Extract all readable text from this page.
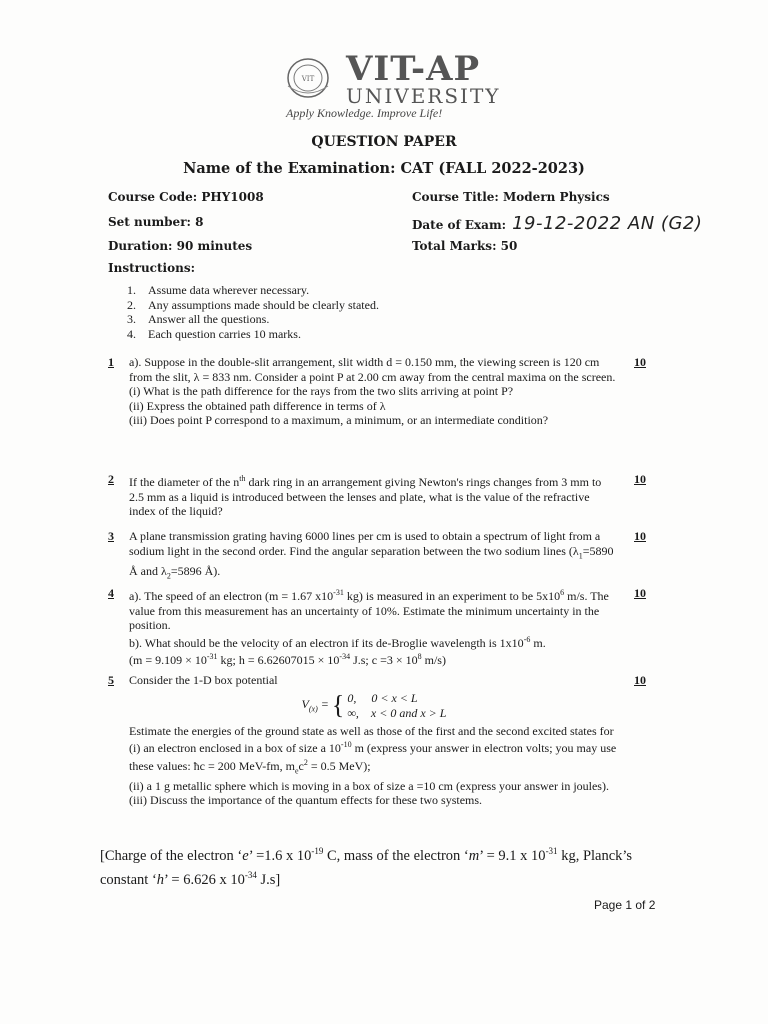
VIT VIT-AP
UNIVERSITY
Apply Knowledge. Improve Life!
QUESTION PAPER
Name of the Examination: CAT (FALL 2022-2023)
Course Code: PHY1008	Course Title: Modern Physics
Set number: 8	Date of Exam: 19-12-2022 AN (G2)
Duration: 90 minutes	Total Marks: 50
Instructions:
1. Assume data wherever necessary.
2. Any assumptions made should be clearly stated.
3. Answer all the questions.
4. Each question carries 10 marks.
1 a). Suppose in the double-slit arrangement, slit width d = 0.150 mm, the viewing screen is 120 cm from the slit, λ = 833 nm. Consider a point P at 2.00 cm away from the central maxima on the screen.

(i) What is the path difference for the rays from the two slits arriving at point P?

(ii) Express the obtained path difference in terms of λ

(iii) Does point P correspond to a maximum, a minimum, or an intermediate condition?

10
2 If the diameter of the $n^{th}$ dark ring in an arrangement giving Newton's rings changes from 3 mm to 2.5 mm as a liquid is introduced between the lenses and plate, what is the value of the refractive index of the liquid?

10
3 A plane transmission grating having 6000 lines per cm is used to obtain a spectrum of light from a sodium light in the second order. Find the angular separation between the two sodium lines ($\lambda_1=5890$ Å and $\lambda_2=5896$ Å).

10
4 a). The speed of an electron (m = 1.67 $x10^{-31}$ kg) is measured in an experiment to be $5x10^6$ m/s. The value from this measurement has an uncertainty of 10%. Estimate the minimum uncertainty in the position.

b). What should be the velocity of an electron if its de-Broglie wavelength is $1x10^{-6}$ m.

($m = 9.109 \times 10^{-31}$ kg; $h = 6.62607015 \times 10^{-34}$ J.s; $c =3 \times 10^8$ m/s)

10
5 Consider the 1-D box potential

$V_{(x)}$ = { 0, 0 < x < L
∞, x < 0 and x > L

Estimate the energies of the ground state as well as those of the first and the second excited states for

(i) an electron enclosed in a box of size a $10^{-10}$ m (express your answer in electron volts; you may use these values: ħc = 200 MeV-fm, $m_ec^2 = 0.5$ MeV);

(ii) a 1 g metallic sphere which is moving in a box of size a =10 cm (express your answer in joules).

(iii) Discuss the importance of the quantum effects for these two systems.

10
[Charge of the electron ‘e’ =1.6 x $10^{-19}$ C, mass of the electron ‘m’ = 9.1 x $10^{-31}$ kg, Planck’s constant ‘h’ = 6.626 x $10^{-34}$ J.s]
Page 1 of 2
